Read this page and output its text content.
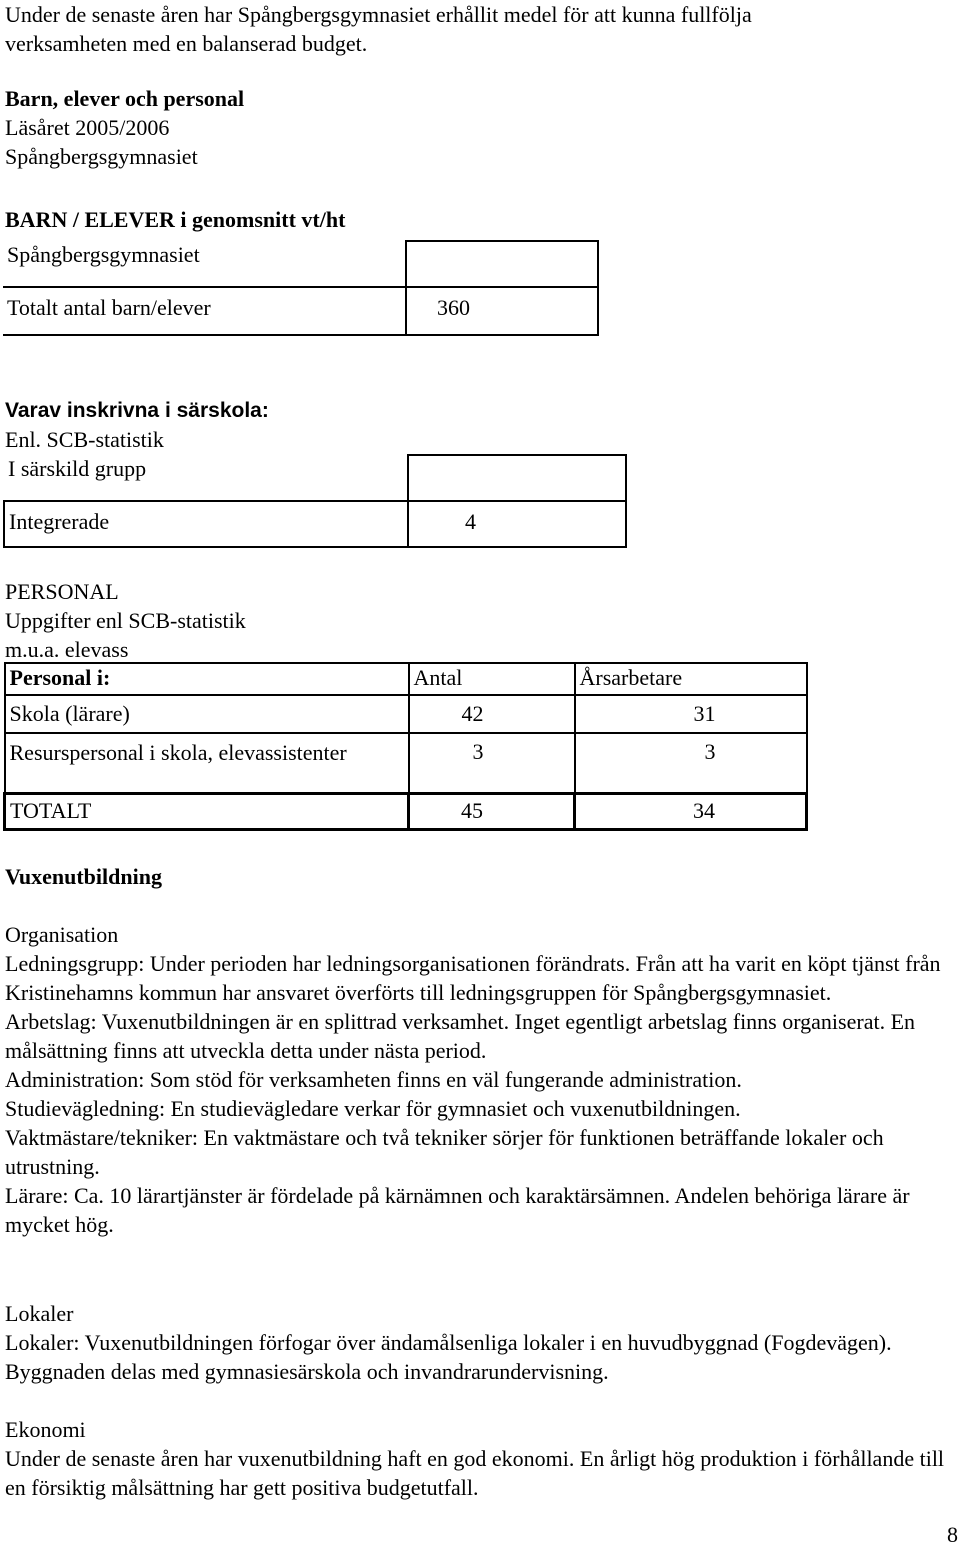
Under de senaste åren har Spångbergsgymnasiet erhållit medel för att kunna fullfölja
verksamheten med en balanserad budget.
Barn, elever och personal
Läsåret 2005/2006
Spångbergsgymnasiet
BARN / ELEVER i genomsnitt vt/ht
Spångbergsgymnasiet	
Totalt antal barn/elever	360
Varav inskrivna i särskola:
Enl. SCB-statistik
I särskild grupp	
Integrerade	4
PERSONAL
Uppgifter enl SCB-statistik
m.u.a. elevass
Personal i:	Antal	Årsarbetare
Skola (lärare)	42	31
Resurspersonal i skola, elevassistenter	3	3
TOTALT	45	34
Vuxenutbildning
Organisation

Ledningsgrupp: Under perioden har ledningsorganisationen förändrats. Från att ha varit en köpt tjänst från Kristinehamns kommun har ansvaret överförts till ledningsgruppen för Spångbergsgymnasiet.

Arbetslag: Vuxenutbildningen är en splittrad verksamhet. Inget egentligt arbetslag finns organiserat. En målsättning finns att utveckla detta under nästa period.

Administration: Som stöd för verksamheten finns en väl fungerande administration.

Studievägledning: En studievägledare verkar för gymnasiet och vuxenutbildningen.

Vaktmästare/tekniker: En vaktmästare och två tekniker sörjer för funktionen beträffande lokaler och utrustning.

Lärare: Ca. 10 lärartjänster är fördelade på kärnämnen och karaktärsämnen. Andelen behöriga lärare är mycket hög.

Lokaler

Lokaler: Vuxenutbildningen förfogar över ändamålsenliga lokaler i en huvudbyggnad (Fogdevägen). Byggnaden delas med gymnasiesärskola och invandrarundervisning.

Ekonomi

Under de senaste åren har vuxenutbildning haft en god ekonomi. En årligt hög produktion i förhållande till en försiktig målsättning har gett positiva budgetutfall.

8
